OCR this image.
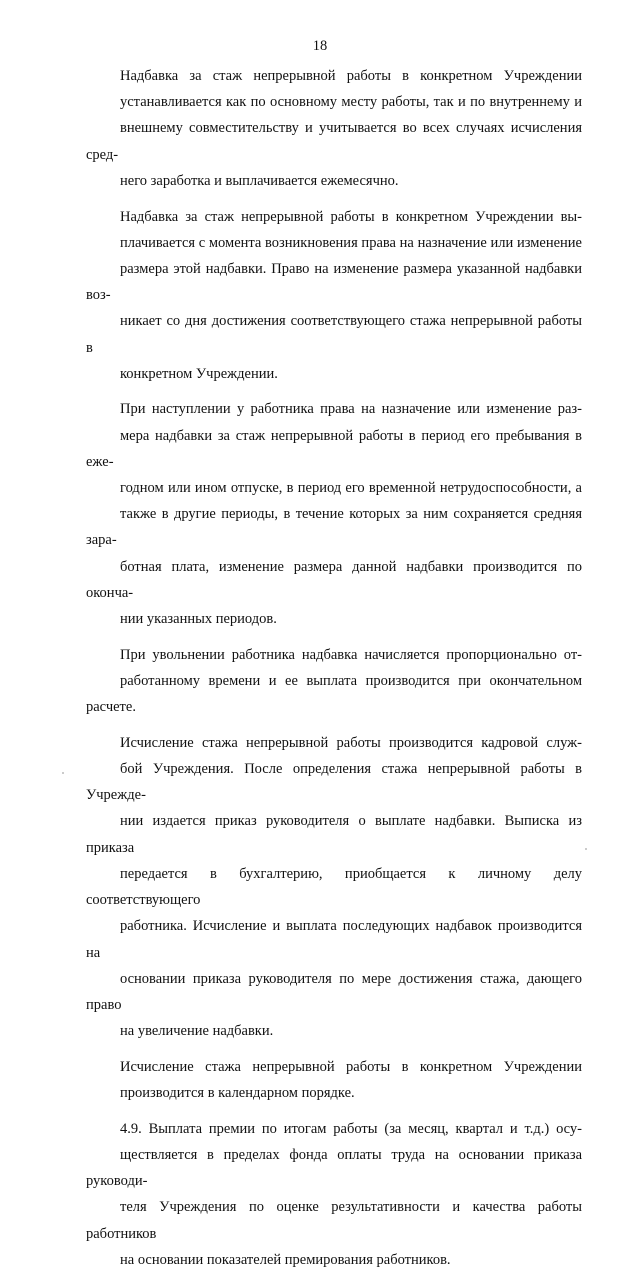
18

Надбавка за стаж непрерывной работы в конкретном Учреждении
устанавливается как по основному месту работы, так и по внутреннему и
внешнему совместительству и учитывается во всех случаях исчисления сред-
него заработка и выплачивается ежемесячно.

Надбавка за стаж непрерывной работы в конкретном Учреждении вы-
плачивается с момента возникновения права на назначение или изменение
размера этой надбавки. Право на изменение размера указанной надбавки воз-
никает со дня достижения соответствующего стажа непрерывной работы в
конкретном Учреждении.

При наступлении у работника права на назначение или изменение раз-
мера надбавки за стаж непрерывной работы в период его пребывания в еже-
годном или ином отпуске, в период его временной нетрудоспособности, а
также в другие периоды, в течение которых за ним сохраняется средняя зара-
ботная плата, изменение размера данной надбавки производится по оконча-
нии указанных периодов.

При увольнении работника надбавка начисляется пропорционально от-
работанному времени и ее выплата производится при окончательном расчете.

Исчисление стажа непрерывной работы производится кадровой служ-
бой Учреждения. После определения стажа непрерывной работы в Учрежде-
нии издается приказ руководителя о выплате надбавки. Выписка из приказа
передается в бухгалтерию, приобщается к личному делу соответствующего
работника. Исчисление и выплата последующих надбавок производится на
основании приказа руководителя по мере достижения стажа, дающего право
на увеличение надбавки.

Исчисление стажа непрерывной работы в конкретном Учреждении
производится в календарном порядке.

4.9. Выплата премии по итогам работы (за месяц, квартал и т.д.) осу-
ществляется в пределах фонда оплаты труда на основании приказа руководи-
теля Учреждения по оценке результативности и качества работы работников
на основании показателей премирования работников.
